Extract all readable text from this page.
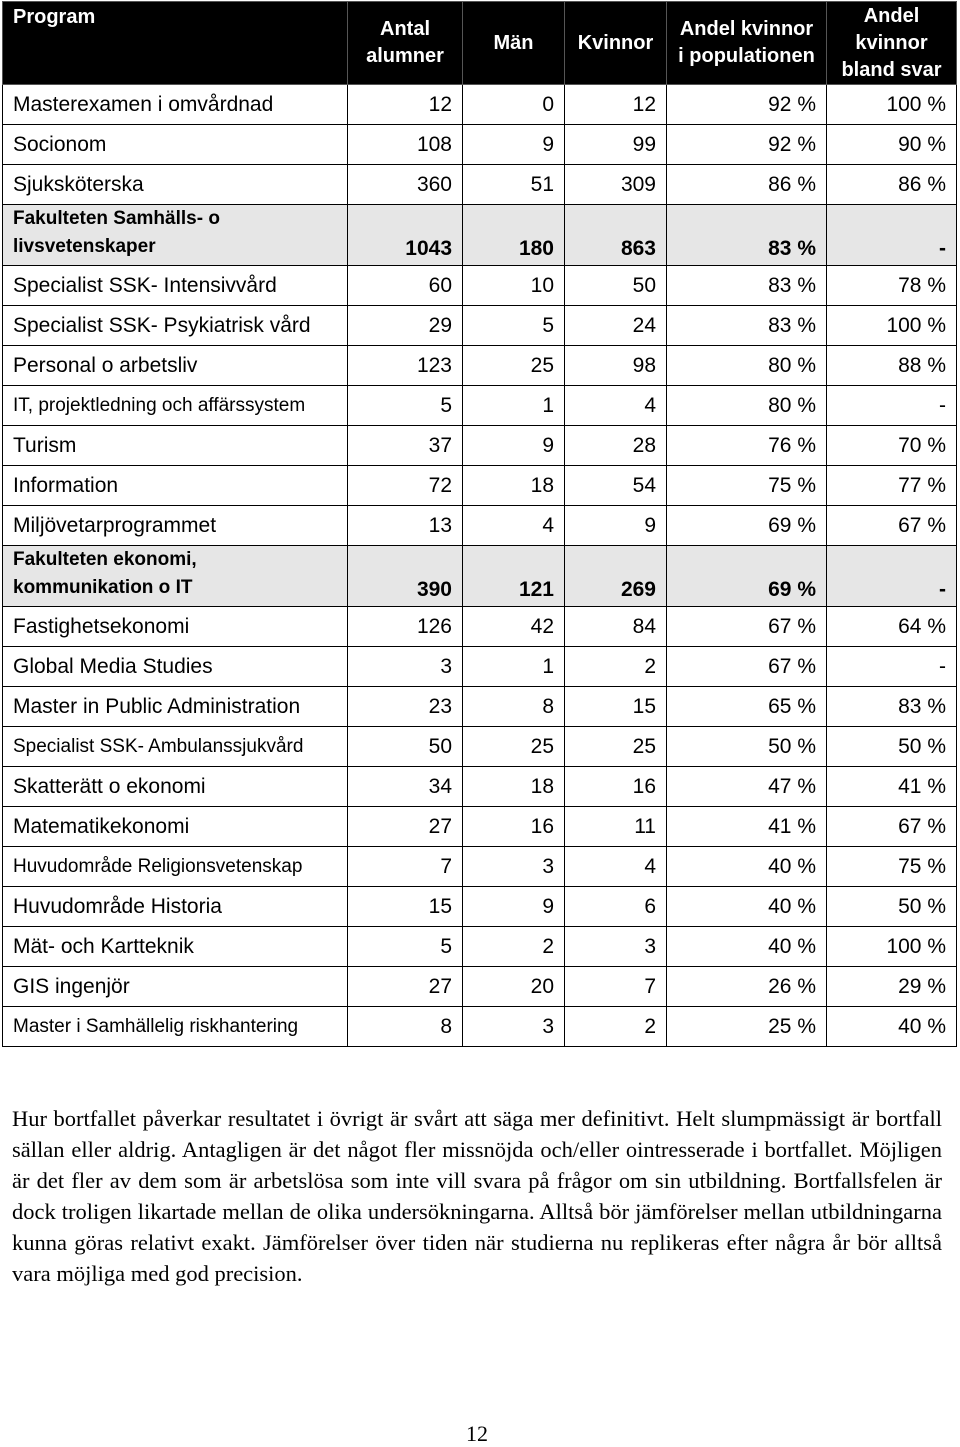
Program	Antal alumner	Män	Kvinnor	Andel kvinnor i populationen	Andel kvinnor bland svar
Masterexamen i omvårdnad	12	0	12	92 %	100 %
Socionom	108	9	99	92 %	90 %
Sjuksköterska	360	51	309	86 %	86 %
Fakulteten Samhälls- o livsvetenskaper	1043	180	863	83 %	-
Specialist SSK- Intensivvård	60	10	50	83 %	78 %
Specialist SSK- Psykiatrisk vård	29	5	24	83 %	100 %
Personal o arbetsliv	123	25	98	80 %	88 %
IT, projektledning och affärssystem	5	1	4	80 %	-
Turism	37	9	28	76 %	70 %
Information	72	18	54	75 %	77 %
Miljövetarprogrammet	13	4	9	69 %	67 %
Fakulteten ekonomi, kommunikation o IT	390	121	269	69 %	-
Fastighetsekonomi	126	42	84	67 %	64 %
Global Media Studies	3	1	2	67 %	-
Master in Public Administration	23	8	15	65 %	83 %
Specialist SSK- Ambulanssjukvård	50	25	25	50 %	50 %
Skatterätt o ekonomi	34	18	16	47 %	41 %
Matematikekonomi	27	16	11	41 %	67 %
Huvudområde Religionsvetenskap	7	3	4	40 %	75 %
Huvudområde Historia	15	9	6	40 %	50 %
Mät- och Kartteknik	5	2	3	40 %	100 %
GIS ingenjör	27	20	7	26 %	29 %
Master i Samhällelig riskhantering	8	3	2	25 %	40 %

Hur bortfallet påverkar resultatet i övrigt är svårt att säga mer definitivt. Helt slumpmässigt är bortfall sällan eller aldrig. Antagligen är det något fler missnöjda och/eller ointresserade i bortfallet. Möjligen är det fler av dem som är arbetslösa som inte vill svara på frågor om sin utbildning. Bortfallsfelen är dock troligen likartade mellan de olika undersökningarna. Alltså bör jämförelser mellan utbildningarna kunna göras relativt exakt. Jämförelser över tiden när studierna nu replikeras efter några år bör alltså vara möjliga med god precision.

12
